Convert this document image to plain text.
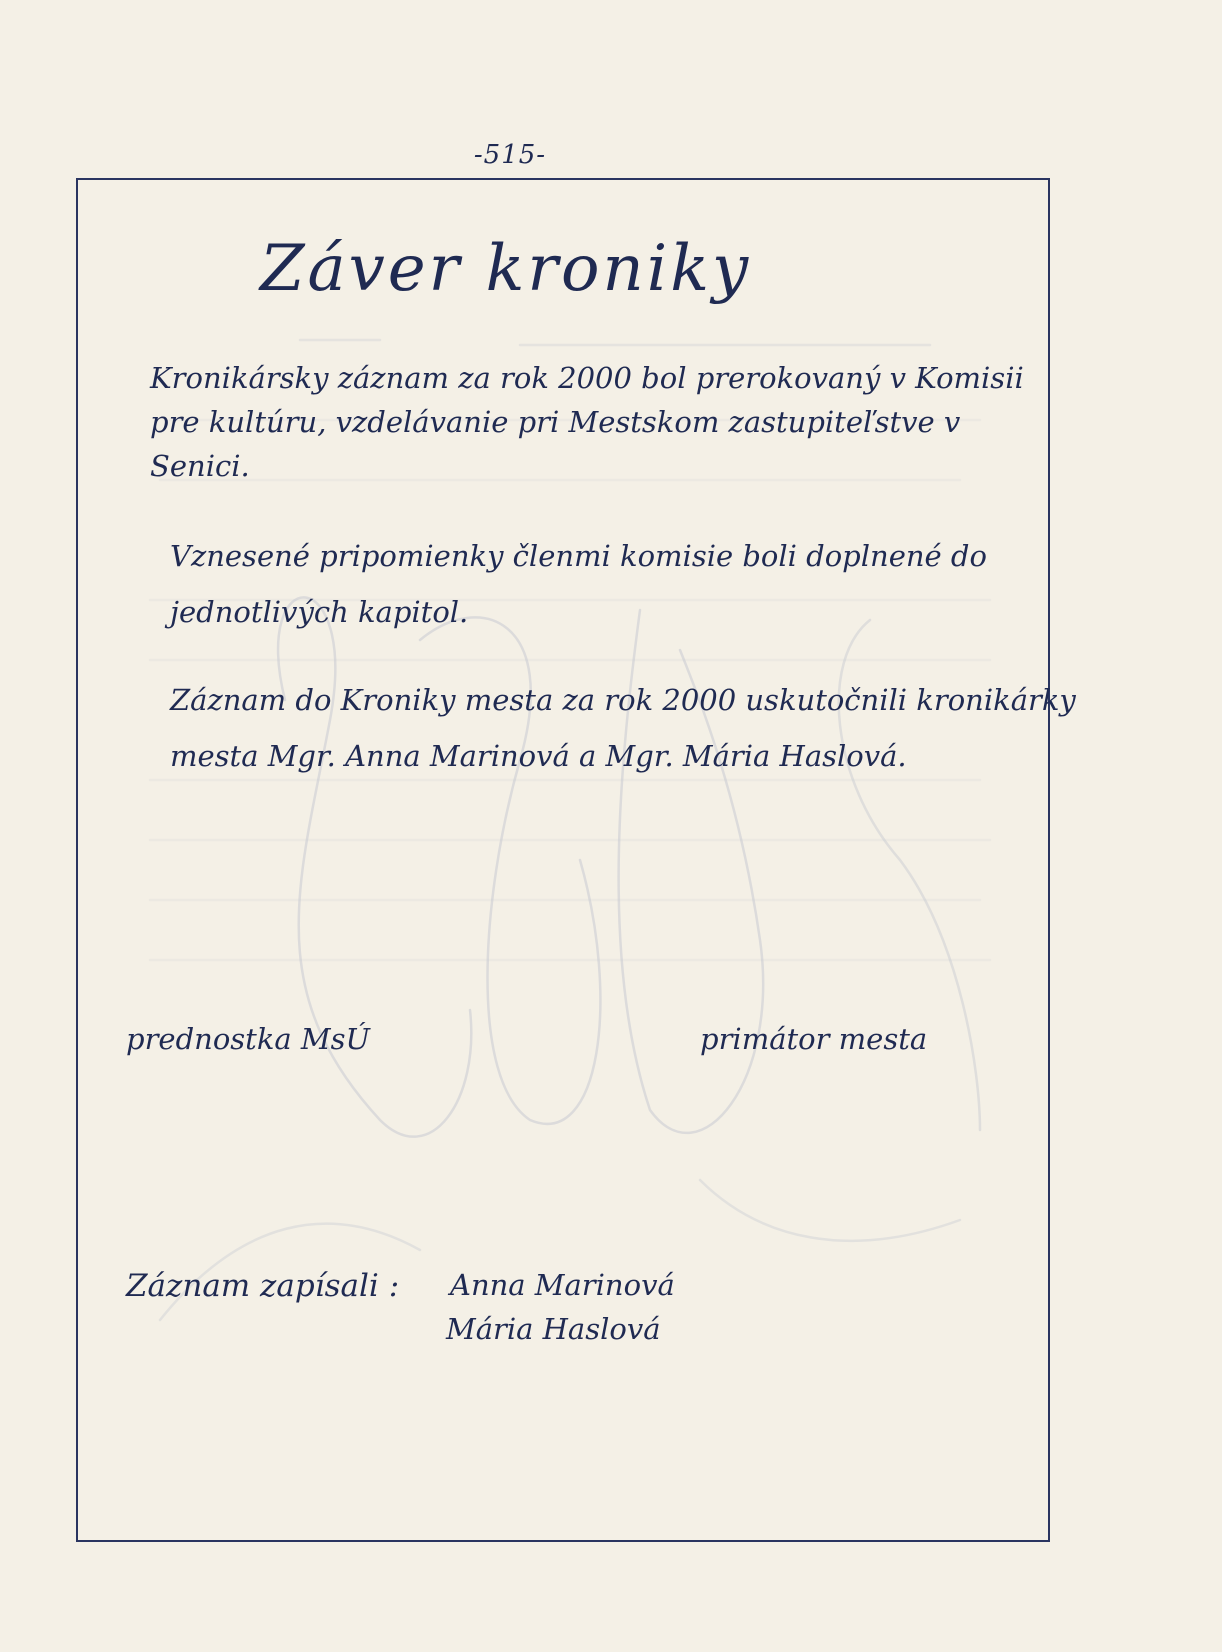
-515-
Záver kroniky
Kronikársky záznam za rok 2000 bol prerokovaný v Komisii pre kultúru, vzdelávanie pri Mestskom zastupiteľstve v Senici.
Vznesené pripomienky členmi komisie boli doplnené do jednotlivých kapitol.
Záznam do Kroniky mesta za rok 2000 uskutočnili kronikárky mesta Mgr. Anna Marinová a Mgr. Mária Haslová.
prednostka MsÚ	primátor mesta
Záznam zapísali : Anna Marinová
Mária Haslová
